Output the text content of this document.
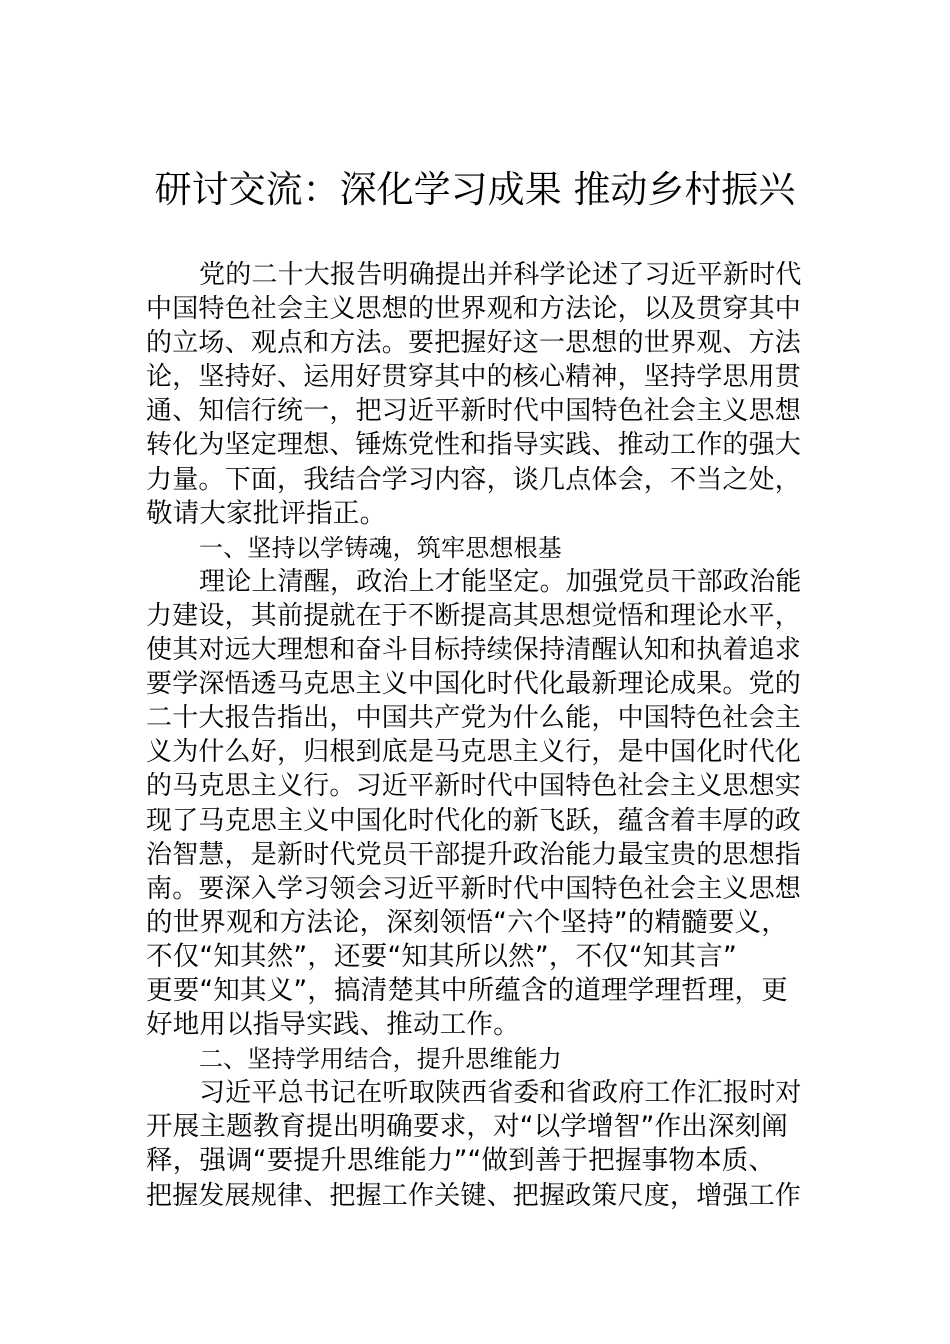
研讨交流：深化学习成果 推动乡村振兴
党的二十大报告明确提出并科学论述了习近平新时代
中国特色社会主义思想的世界观和方法论，以及贯穿其中
的立场、观点和方法。要把握好这一思想的世界观、方法
论，坚持好、运用好贯穿其中的核心精神，坚持学思用贯
通、知信行统一，把习近平新时代中国特色社会主义思想
转化为坚定理想、锤炼党性和指导实践、推动工作的强大
力量。下面，我结合学习内容，谈几点体会，不当之处，
敬请大家批评指正。
一、坚持以学铸魂，筑牢思想根基
理论上清醒，政治上才能坚定。加强党员干部政治能
力建设，其前提就在于不断提高其思想觉悟和理论水平，
使其对远大理想和奋斗目标持续保持清醒认知和执着追求
要学深悟透马克思主义中国化时代化最新理论成果。党的
二十大报告指出，中国共产党为什么能，中国特色社会主
义为什么好，归根到底是马克思主义行，是中国化时代化
的马克思主义行。习近平新时代中国特色社会主义思想实
现了马克思主义中国化时代化的新飞跃，蕴含着丰厚的政
治智慧，是新时代党员干部提升政治能力最宝贵的思想指
南。要深入学习领会习近平新时代中国特色社会主义思想
的世界观和方法论，深刻领悟“六个坚持”的精髓要义，
不仅“知其然”，还要“知其所以然”，不仅“知其言”
更要“知其义”，搞清楚其中所蕴含的道理学理哲理，更
好地用以指导实践、推动工作。
二、坚持学用结合，提升思维能力
习近平总书记在听取陕西省委和省政府工作汇报时对
开展主题教育提出明确要求，对“以学增智”作出深刻阐
释，强调“要提升思维能力”“做到善于把握事物本质、
把握发展规律、把握工作关键、把握政策尺度，增强工作
